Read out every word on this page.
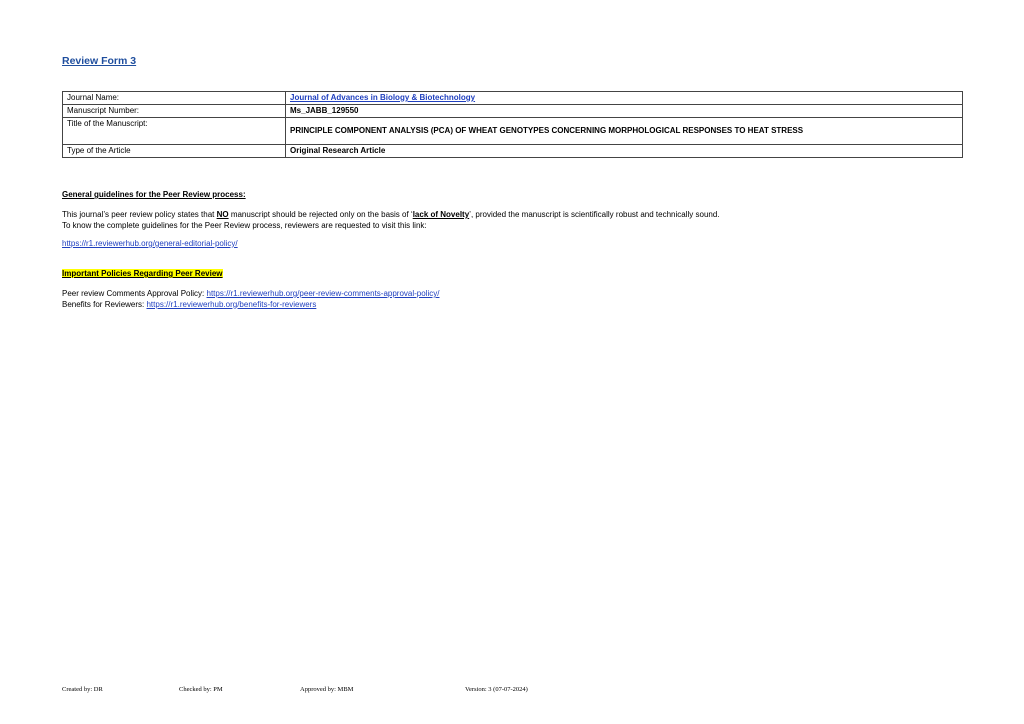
Review Form 3
Journal Name:	Journal of Advances in Biology & Biotechnology
Manuscript Number:	Ms_JABB_129550
Title of the Manuscript:	PRINCIPLE COMPONENT ANALYSIS (PCA) OF WHEAT GENOTYPES CONCERNING MORPHOLOGICAL RESPONSES TO HEAT STRESS
Type of the Article	Original Research Article
General guidelines for the Peer Review process:
This journal’s peer review policy states that NO manuscript should be rejected only on the basis of ‘lack of Novelty’, provided the manuscript is scientifically robust and technically sound.
To know the complete guidelines for the Peer Review process, reviewers are requested to visit this link:
https://r1.reviewerhub.org/general-editorial-policy/
Important Policies Regarding Peer Review
Peer review Comments Approval Policy: https://r1.reviewerhub.org/peer-review-comments-approval-policy/
Benefits for Reviewers: https://r1.reviewerhub.org/benefits-for-reviewers
Created by: DR	Checked by: PM	Approved by: MBM	Version: 3 (07-07-2024)
